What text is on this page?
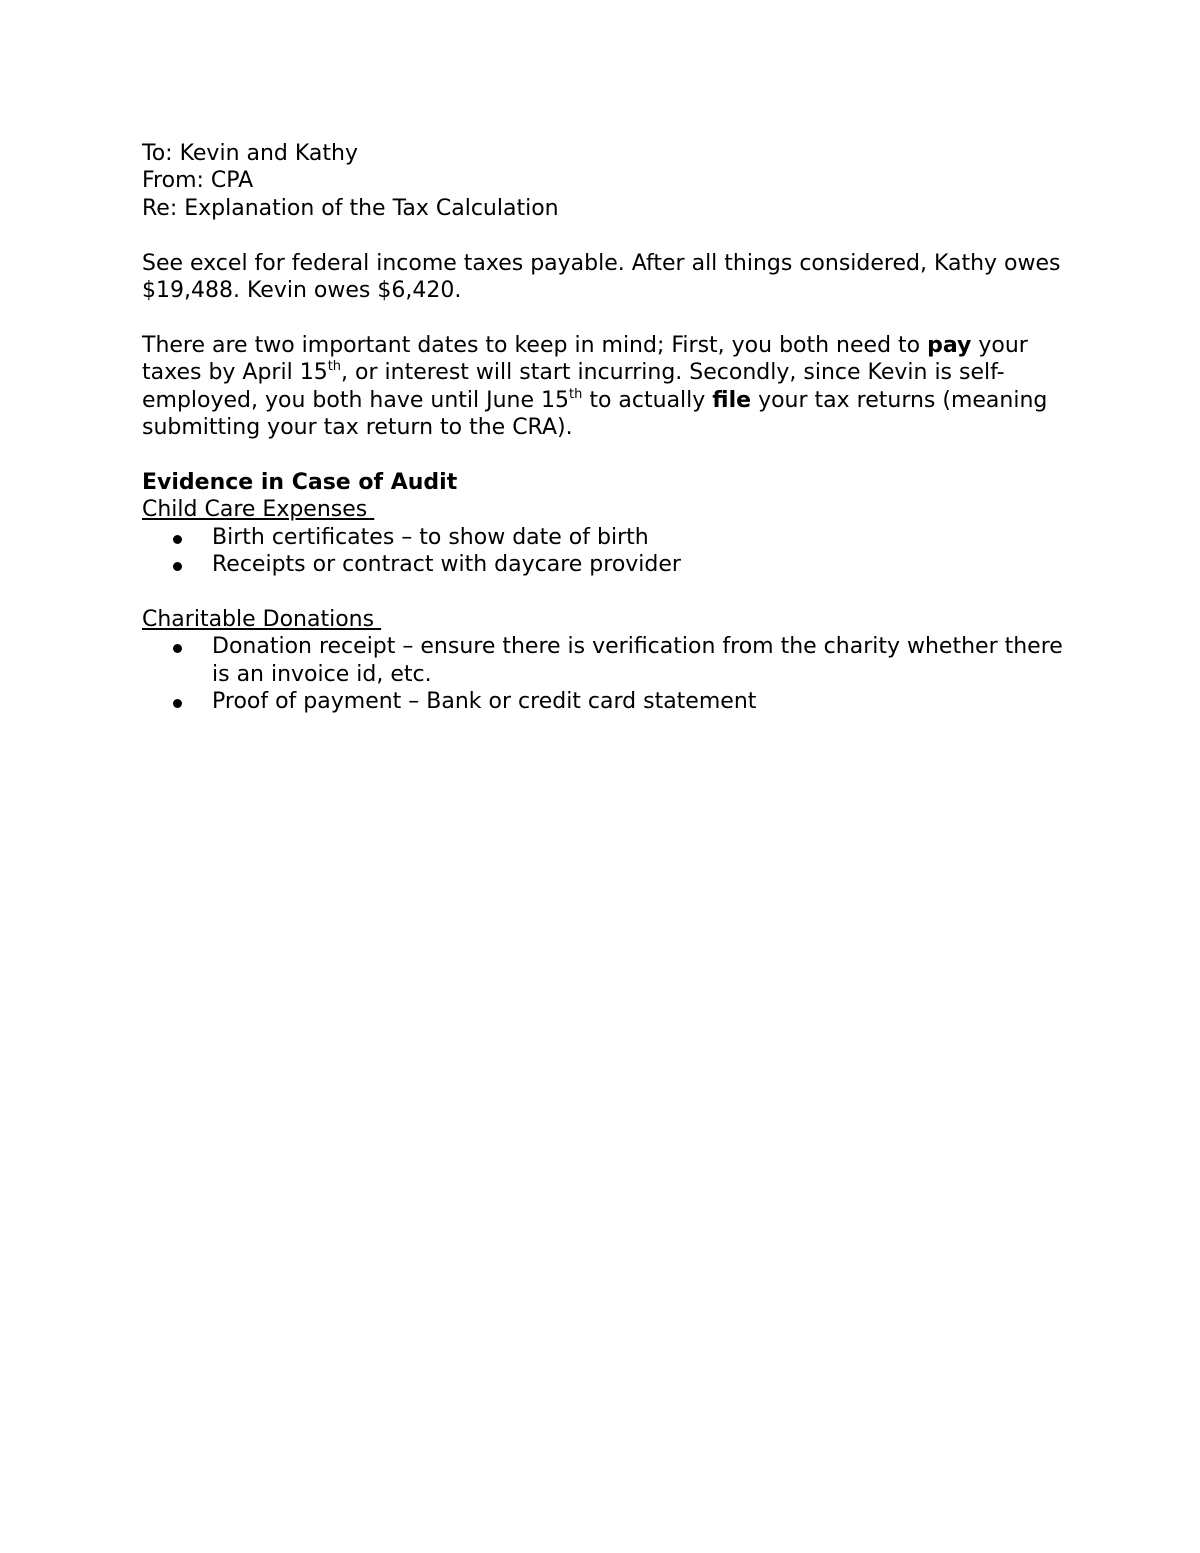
To: Kevin and Kathy
From: CPA
Re: Explanation of the Tax Calculation

See excel for federal income taxes payable. After all things considered, Kathy owes $19,488. Kevin owes $6,420.

There are two important dates to keep in mind; First, you both need to pay your taxes by April 15th, or interest will start incurring. Secondly, since Kevin is self-employed, you both have until June 15th to actually file your tax returns (meaning submitting your tax return to the CRA).

Evidence in Case of Audit
Child Care Expenses
Birth certificates – to show date of birth
Receipts or contract with daycare provider
Charitable Donations
Donation receipt – ensure there is verification from the charity whether there is an invoice id, etc.
Proof of payment – Bank or credit card statement
